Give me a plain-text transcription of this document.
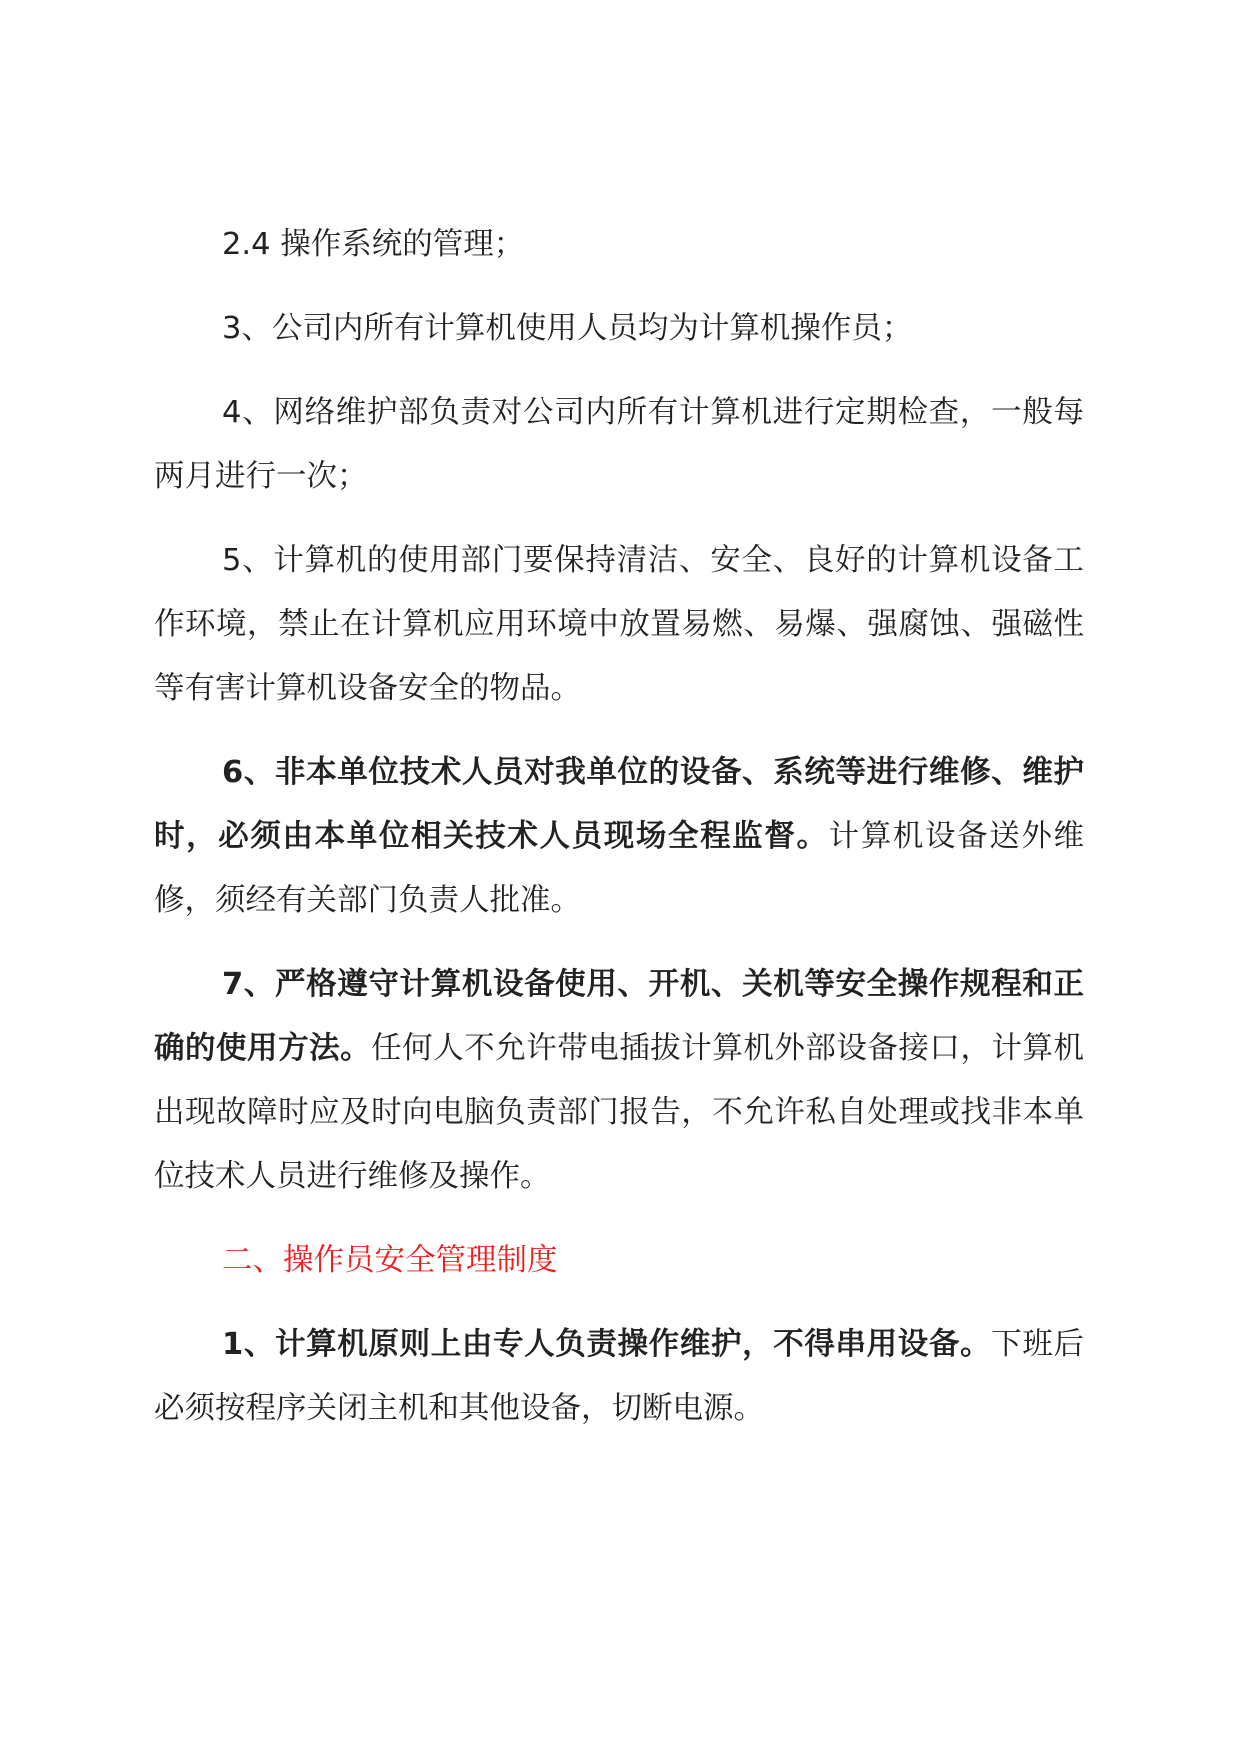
2.4 操作系统的管理；

3、公司内所有计算机使用人员均为计算机操作员；

4、网络维护部负责对公司内所有计算机进行定期检查，一般每两月进行一次；

5、计算机的使用部门要保持清洁、安全、良好的计算机设备工作环境，禁止在计算机应用环境中放置易燃、易爆、强腐蚀、强磁性等有害计算机设备安全的物品。

6、非本单位技术人员对我单位的设备、系统等进行维修、维护时，必须由本单位相关技术人员现场全程监督。计算机设备送外维修，须经有关部门负责人批准。

7、严格遵守计算机设备使用、开机、关机等安全操作规程和正确的使用方法。任何人不允许带电插拔计算机外部设备接口，计算机出现故障时应及时向电脑负责部门报告，不允许私自处理或找非本单位技术人员进行维修及操作。

二、操作员安全管理制度

1、计算机原则上由专人负责操作维护，不得串用设备。下班后必须按程序关闭主机和其他设备，切断电源。
